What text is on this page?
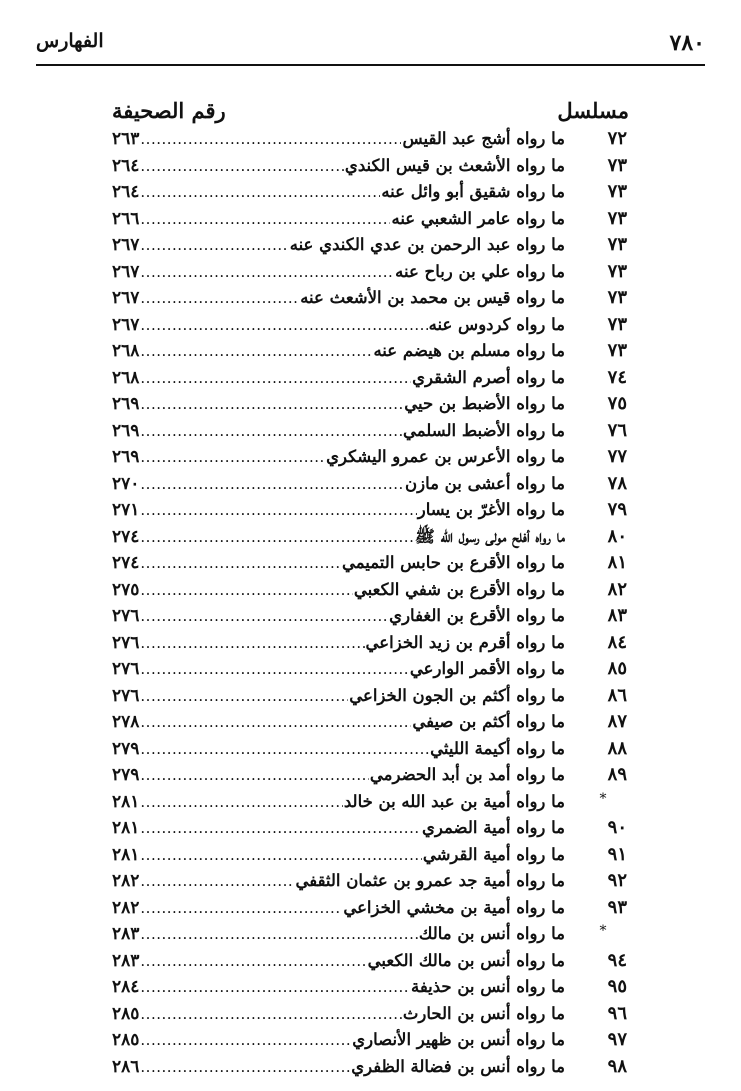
٧٨٠
الفهارس
مسلسل
رقم الصحيفة
٧٢
ما رواه أشج عبد القيس
.....
٢٦٣
٧٣
ما رواه الأشعث بن قيس الكندي
.....
٢٦٤
٧٣
ما رواه شقيق أبو وائل عنه
.....
٢٦٤
٧٣
ما رواه عامر الشعبي عنه
.....
٢٦٦
٧٣
ما رواه عبد الرحمن بن عدي الكندي عنه
.....
٢٦٧
٧٣
ما رواه علي بن رباح عنه
.....
٢٦٧
٧٣
ما رواه قيس بن محمد بن الأشعث عنه
.....
٢٦٧
٧٣
ما رواه كردوس عنه
.....
٢٦٧
٧٣
ما رواه مسلم بن هيضم عنه
.....
٢٦٨
٧٤
ما رواه أصرم الشقري
.....
٢٦٨
٧٥
ما رواه الأضبط بن حيي
.....
٢٦٩
٧٦
ما رواه الأضبط السلمي
.....
٢٦٩
٧٧
ما رواه الأعرس بن عمرو اليشكري
.....
٢٦٩
٧٨
ما رواه أعشى بن مازن
.....
٢٧٠
٧٩
ما رواه الأغرّ بن يسار
.....
٢٧١
٨٠
ما رواه أفلح مولى رسول الله ﷺ
.....
٢٧٤
٨١
ما رواه الأقرع بن حابس التميمي
.....
٢٧٤
٨٢
ما رواه الأقرع بن شفي الكعبي
.....
٢٧٥
٨٣
ما رواه الأقرع بن الغفاري
.....
٢٧٦
٨٤
ما رواه أقرم بن زيد الخزاعي
.....
٢٧٦
٨٥
ما رواه الأقمر الوارعي
.....
٢٧٦
٨٦
ما رواه أكثم بن الجون الخزاعي
.....
٢٧٦
٨٧
ما رواه أكثم بن صيفي
.....
٢٧٨
٨٨
ما رواه أكيمة الليثي
.....
٢٧٩
٨٩
ما رواه أمد بن أبد الحضرمي
.....
٢٧٩
*
ما رواه أمية بن عبد الله بن خالد
.....
٢٨١
٩٠
ما رواه أمية الضمري
.....
٢٨١
٩١
ما رواه أمية القرشي
.....
٢٨١
٩٢
ما رواه أمية جد عمرو بن عثمان الثقفي
.....
٢٨٢
٩٣
ما رواه أمية بن مخشي الخزاعي
.....
٢٨٢
*
ما رواه أنس بن مالك
.....
٢٨٣
٩٤
ما رواه أنس بن مالك الكعبي
.....
٢٨٣
٩٥
ما رواه أنس بن حذيفة
.....
٢٨٤
٩٦
ما رواه أنس بن الحارث
.....
٢٨٥
٩٧
ما رواه أنس بن ظهير الأنصاري
.....
٢٨٥
٩٨
ما رواه أنس بن فضالة الظفري
.....
٢٨٦
